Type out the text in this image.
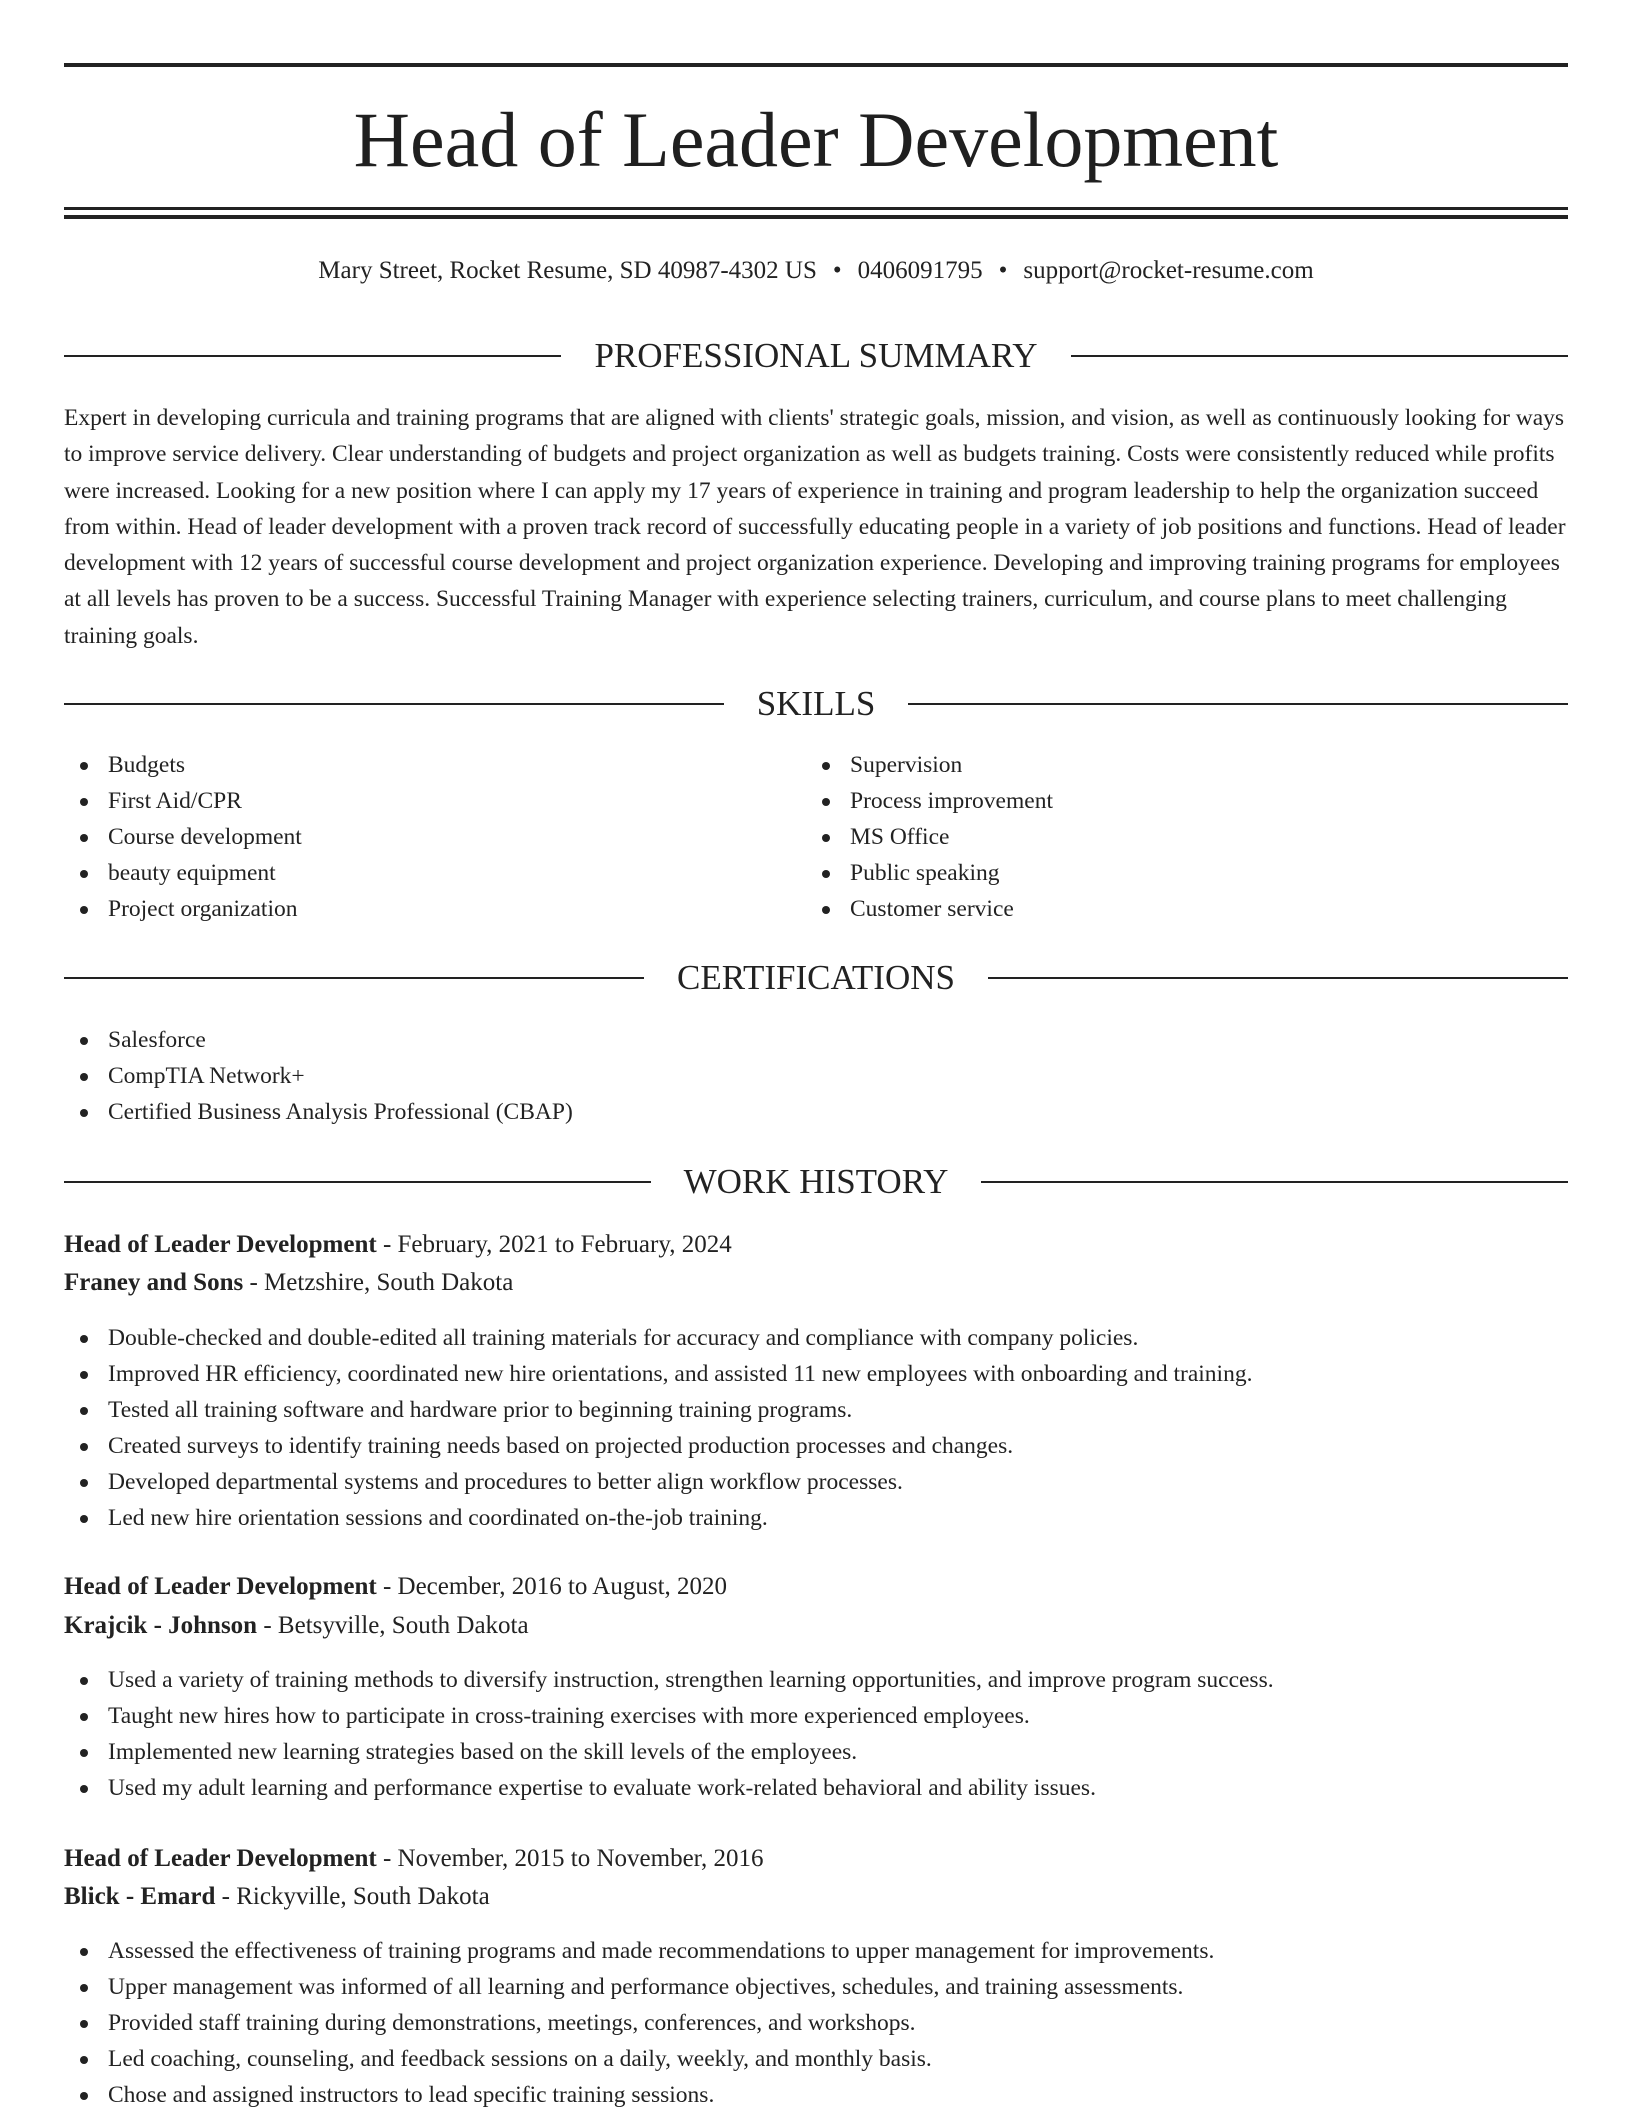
Head of Leader Development
Mary Street, Rocket Resume, SD 40987-4302 US • 0406091795 • support@rocket-resume.com
PROFESSIONAL SUMMARY

Expert in developing curricula and training programs that are aligned with clients' strategic goals, mission, and vision, as well as continuously looking for ways to improve service delivery. Clear understanding of budgets and project organization as well as budgets training. Costs were consistently reduced while profits were increased. Looking for a new position where I can apply my 17 years of experience in training and program leadership to help the organization succeed from within. Head of leader development with a proven track record of successfully educating people in a variety of job positions and functions. Head of leader development with 12 years of successful course development and project organization experience. Developing and improving training programs for employees at all levels has proven to be a success. Successful Training Manager with experience selecting trainers, curriculum, and course plans to meet challenging training goals.

SKILLS
Budgets
First Aid/CPR
Course development
beauty equipment
Project organization
Supervision
Process improvement
MS Office
Public speaking
Customer service
CERTIFICATIONS
Salesforce
CompTIA Network+
Certified Business Analysis Professional (CBAP)
WORK HISTORY
Head of Leader Development - February, 2021 to February, 2024
Franey and Sons - Metzshire, South Dakota
Double-checked and double-edited all training materials for accuracy and compliance with company policies.
Improved HR efficiency, coordinated new hire orientations, and assisted 11 new employees with onboarding and training.
Tested all training software and hardware prior to beginning training programs.
Created surveys to identify training needs based on projected production processes and changes.
Developed departmental systems and procedures to better align workflow processes.
Led new hire orientation sessions and coordinated on-the-job training.
Head of Leader Development - December, 2016 to August, 2020
Krajcik - Johnson - Betsyville, South Dakota
Used a variety of training methods to diversify instruction, strengthen learning opportunities, and improve program success.
Taught new hires how to participate in cross-training exercises with more experienced employees.
Implemented new learning strategies based on the skill levels of the employees.
Used my adult learning and performance expertise to evaluate work-related behavioral and ability issues.
Head of Leader Development - November, 2015 to November, 2016
Blick - Emard - Rickyville, South Dakota
Assessed the effectiveness of training programs and made recommendations to upper management for improvements.
Upper management was informed of all learning and performance objectives, schedules, and training assessments.
Provided staff training during demonstrations, meetings, conferences, and workshops.
Led coaching, counseling, and feedback sessions on a daily, weekly, and monthly basis.
Chose and assigned instructors to lead specific training sessions.
